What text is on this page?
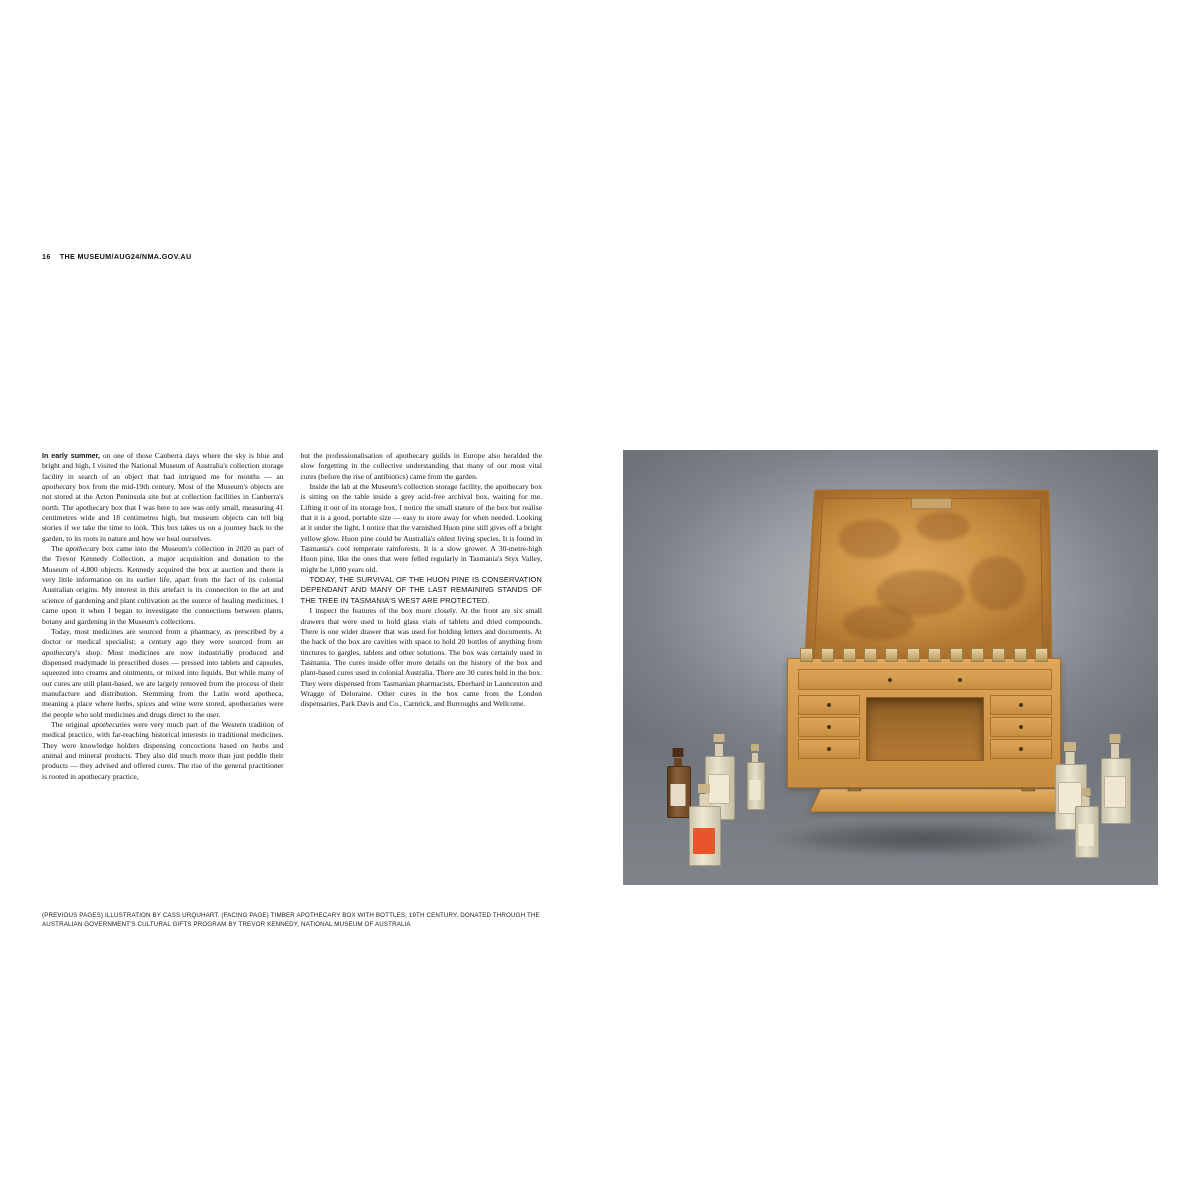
16 THE MUSEUM/AUG24/NMA.GOV.AU

In early summer, on one of those Canberra days where the sky is blue and bright and high, I visited the National Museum of Australia's collection storage facility in search of an object that had intrigued me for months — an apothecary box from the mid-19th century. Most of the Museum's objects are not stored at the Acton Peninsula site but at collection facilities in Canberra's north. The apothecary box that I was here to see was only small, measuring 41 centimetres wide and 18 centimetres high, but museum objects can tell big stories if we take the time to look. This box takes us on a journey back to the garden, to its roots in nature and how we heal ourselves.

The apothecary box came into the Museum's collection in 2020 as part of the Trevor Kennedy Collection, a major acquisition and donation to the Museum of 4,800 objects. Kennedy acquired the box at auction and there is very little information on its earlier life, apart from the fact of its colonial Australian origins. My interest in this artefact is its connection to the art and science of gardening and plant cultivation as the source of healing medicines. I came upon it when I began to investigate the connections between plants, botany and gardening in the Museum's collections.

Today, most medicines are sourced from a pharmacy, as prescribed by a doctor or medical specialist; a century ago they were sourced from an apothecary's shop. Most medicines are now industrially produced and dispensed readymade in prescribed doses — pressed into tablets and capsules, squeezed into creams and ointments, or mixed into liquids. But while many of our cures are still plant-based, we are largely removed from the process of their manufacture and distribution. Stemming from the Latin word apotheca, meaning a place where herbs, spices and wine were stored, apothecaries were the people who sold medicines and drugs direct to the user.

The original apothecaries were very much part of the Western tradition of medical practice, with far-reaching historical interests in traditional medicines. They were knowledge holders dispensing concoctions based on herbs and animal and mineral products. They also did much more than just peddle their products — they advised and offered cures. The rise of the general practitioner is rooted in apothecary practice,

but the professionalisation of apothecary guilds in Europe also heralded the slow forgetting in the collective understanding that many of our most vital cures (before the rise of antibiotics) came from the garden.

Inside the lab at the Museum's collection storage facility, the apothecary box is sitting on the table inside a grey acid-free archival box, waiting for me. Lifting it out of its storage box, I notice the small stature of the box but realise that it is a good, portable size — easy to store away for when needed. Looking at it under the light, I notice that the varnished Huon pine still gives off a bright yellow glow. Huon pine could be Australia's oldest living species. It is found in Tasmania's cool temperate rainforests. It is a slow grower. A 30-metre-high Huon pine, like the ones that were felled regularly in Tasmania's Styx Valley, might be 1,000 years old.

TODAY, THE SURVIVAL OF THE HUON PINE IS CONSERVATION DEPENDANT AND MANY OF THE LAST REMAINING STANDS OF THE TREE IN TASMANIA'S WEST ARE PROTECTED.

I inspect the features of the box more closely. At the front are six small drawers that were used to hold glass vials of tablets and dried compounds. There is one wider drawer that was used for holding letters and documents. At the back of the box are cavities with space to hold 20 bottles of anything from tinctures to gargles, tablets and other solutions. The box was certainly used in Tasmania. The cures inside offer more details on the history of the box and plant-based cures used in colonial Australia. There are 30 cures held in the box. They were dispensed from Tasmanian pharmacists, Eberhard in Launceston and Wragge of Deloraine. Other cures in the box came from the London dispensaries, Park Davis and Co., Carnrick, and Burroughs and Wellcome.

(PREVIOUS PAGES) ILLUSTRATION BY CASS URQUHART. (FACING PAGE) TIMBER APOTHECARY BOX WITH BOTTLES, 19TH CENTURY, DONATED THROUGH THE AUSTRALIAN GOVERNMENT'S CULTURAL GIFTS PROGRAM BY TREVOR KENNEDY, NATIONAL MUSEUM OF AUSTRALIA
